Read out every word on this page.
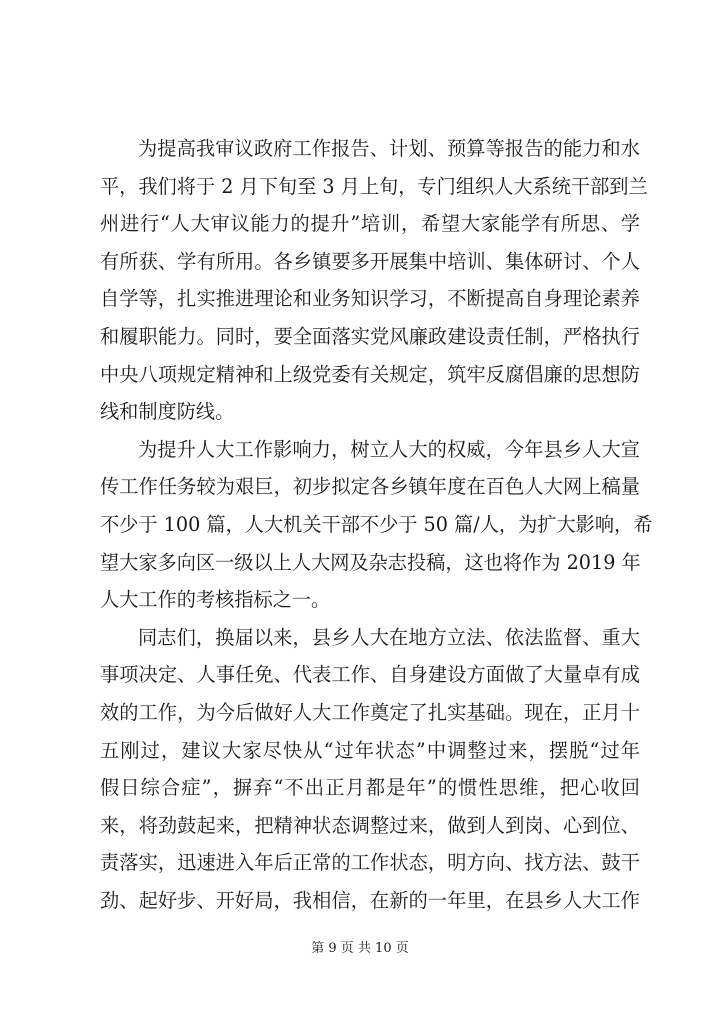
为提高我审议政府工作报告、计划、预算等报告的能力和水
平，我们将于 2 月下旬至 3 月上旬，专门组织人大系统干部到兰
州进行“人大审议能力的提升”培训，希望大家能学有所思、学
有所获、学有所用。各乡镇要多开展集中培训、集体研讨、个人
自学等，扎实推进理论和业务知识学习，不断提高自身理论素养
和履职能力。同时，要全面落实党风廉政建设责任制，严格执行
中央八项规定精神和上级党委有关规定，筑牢反腐倡廉的思想防
线和制度防线。
为提升人大工作影响力，树立人大的权威，今年县乡人大宣
传工作任务较为艰巨，初步拟定各乡镇年度在百色人大网上稿量
不少于 100 篇，人大机关干部不少于 50 篇/人，为扩大影响，希
望大家多向区一级以上人大网及杂志投稿，这也将作为 2019 年
人大工作的考核指标之一。
同志们，换届以来，县乡人大在地方立法、依法监督、重大
事项决定、人事任免、代表工作、自身建设方面做了大量卓有成
效的工作，为今后做好人大工作奠定了扎实基础。现在，正月十
五刚过，建议大家尽快从“过年状态”中调整过来，摆脱“过年
假日综合症”，摒弃“不出正月都是年”的惯性思维，把心收回
来，将劲鼓起来，把精神状态调整过来，做到人到岗、心到位、
责落实，迅速进入年后正常的工作状态，明方向、找方法、鼓干
劲、起好步、开好局，我相信，在新的一年里，在县乡人大工作
第 9 页 共 10 页
